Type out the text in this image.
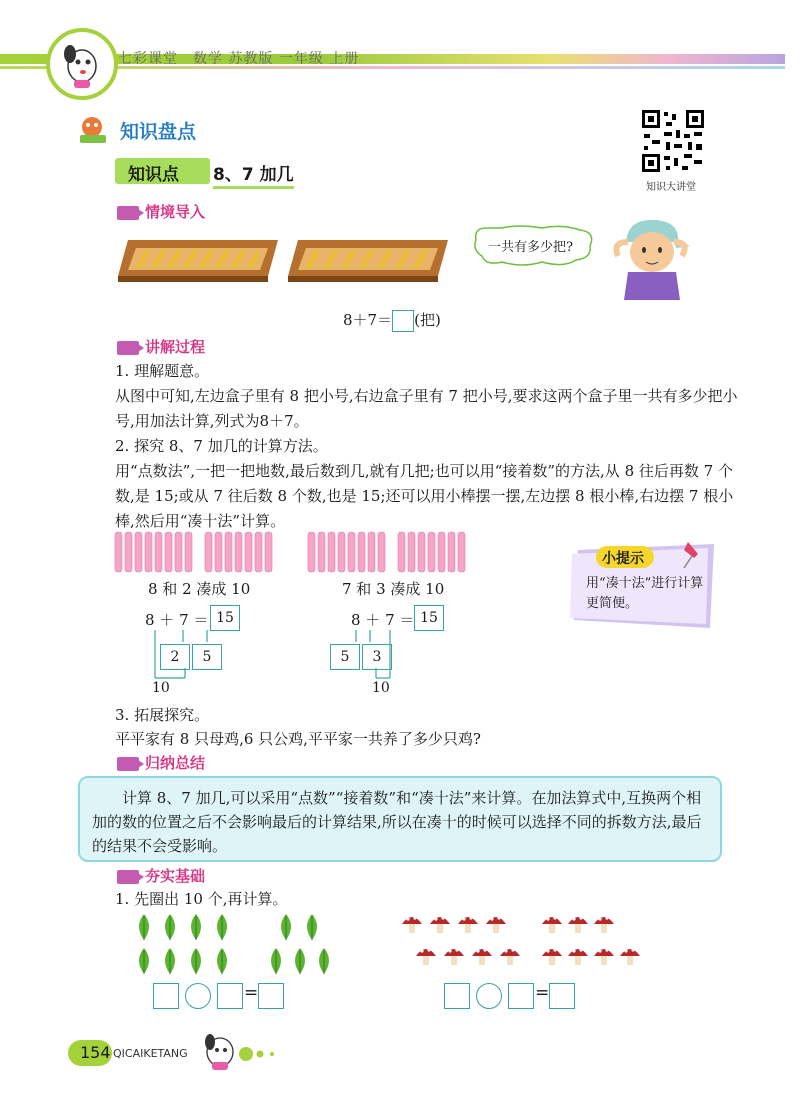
七彩课堂　数学 苏教版 一年级 上册
知识盘点
知识大讲堂
知识点 8、7 加几
情境导入
一共有多少把?
8＋7＝ (把)
讲解过程
1. 理解题意。
从图中可知,左边盒子里有 8 把小号,右边盒子里有 7 把小号,要求这两个盒子里一共有多少把小号,用加法计算,列式为8＋7。
2. 探究 8、7 加几的计算方法。
用“点数法”,一把一把地数,最后数到几,就有几把;也可以用“接着数”的方法,从 8 往后再数 7 个数,是 15;或从 7 往后数 8 个数,也是 15;还可以用小棒摆一摆,左边摆 8 根小棒,右边摆 7 根小棒,然后用“凑十法”计算。
8 和 2 凑成 10	7 和 3 凑成 10
8 ＋ 7 ＝ 15
2	5
10
8 ＋ 7 ＝ 15
5	3
10
小提示
用“凑十法”进行计算更简便。
3. 拓展探究。
平平家有 8 只母鸡,6 只公鸡,平平家一共养了多少只鸡?
归纳总结
计算 8、7 加几,可以采用“点数”“接着数”和“凑十法”来计算。在加法算式中,互换两个相加的数的位置之后不会影响最后的计算结果,所以在凑十的时候可以选择不同的拆数方法,最后的结果不会受影响。
夯实基础
1. 先圈出 10 个,再计算。
=	=
154 QICAIKETANG
